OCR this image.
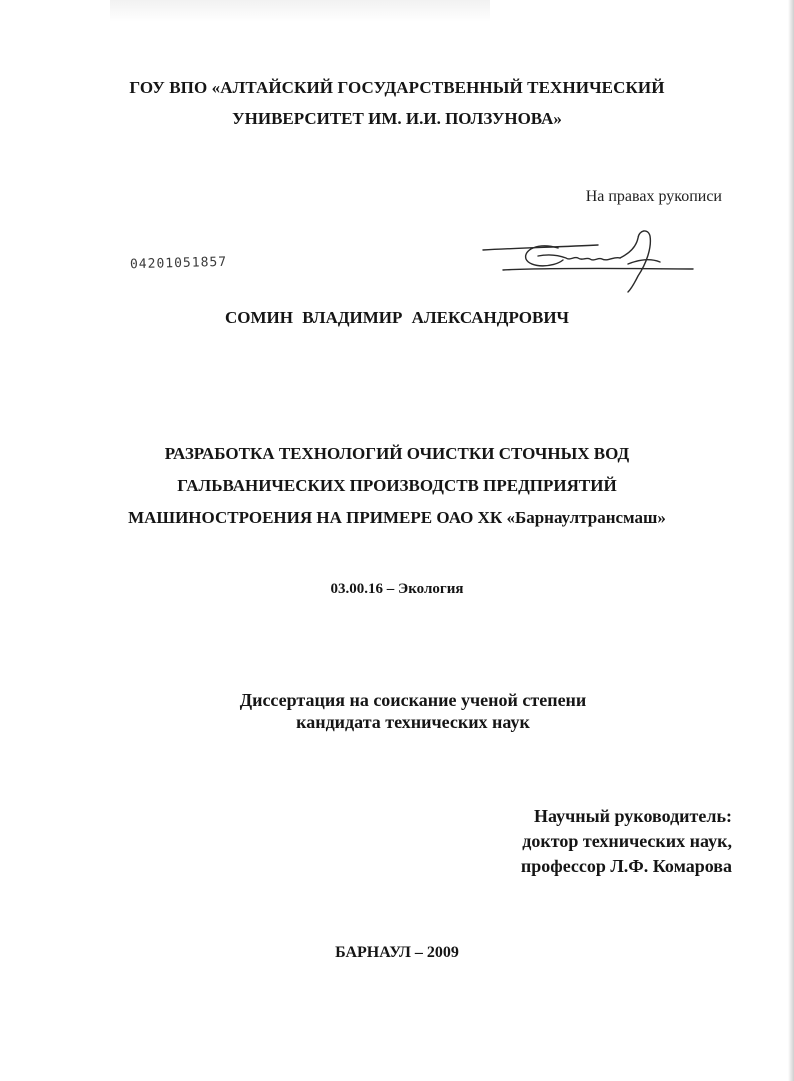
ГОУ ВПО «АЛТАЙСКИЙ ГОСУДАРСТВЕННЫЙ ТЕХНИЧЕСКИЙ
УНИВЕРСИТЕТ ИМ. И.И. ПОЛЗУНОВА»
На правах рукописи
04201051857
СОМИН ВЛАДИМИР АЛЕКСАНДРОВИЧ
РАЗРАБОТКА ТЕХНОЛОГИЙ ОЧИСТКИ СТОЧНЫХ ВОД
ГАЛЬВАНИЧЕСКИХ ПРОИЗВОДСТВ ПРЕДПРИЯТИЙ
МАШИНОСТРОЕНИЯ НА ПРИМЕРЕ ОАО ХК «Барнаултрансмаш»
03.00.16 – Экология
Диссертация на соискание ученой степени
кандидата технических наук
Научный руководитель:
доктор технических наук,
профессор Л.Ф. Комарова
БАРНАУЛ – 2009
